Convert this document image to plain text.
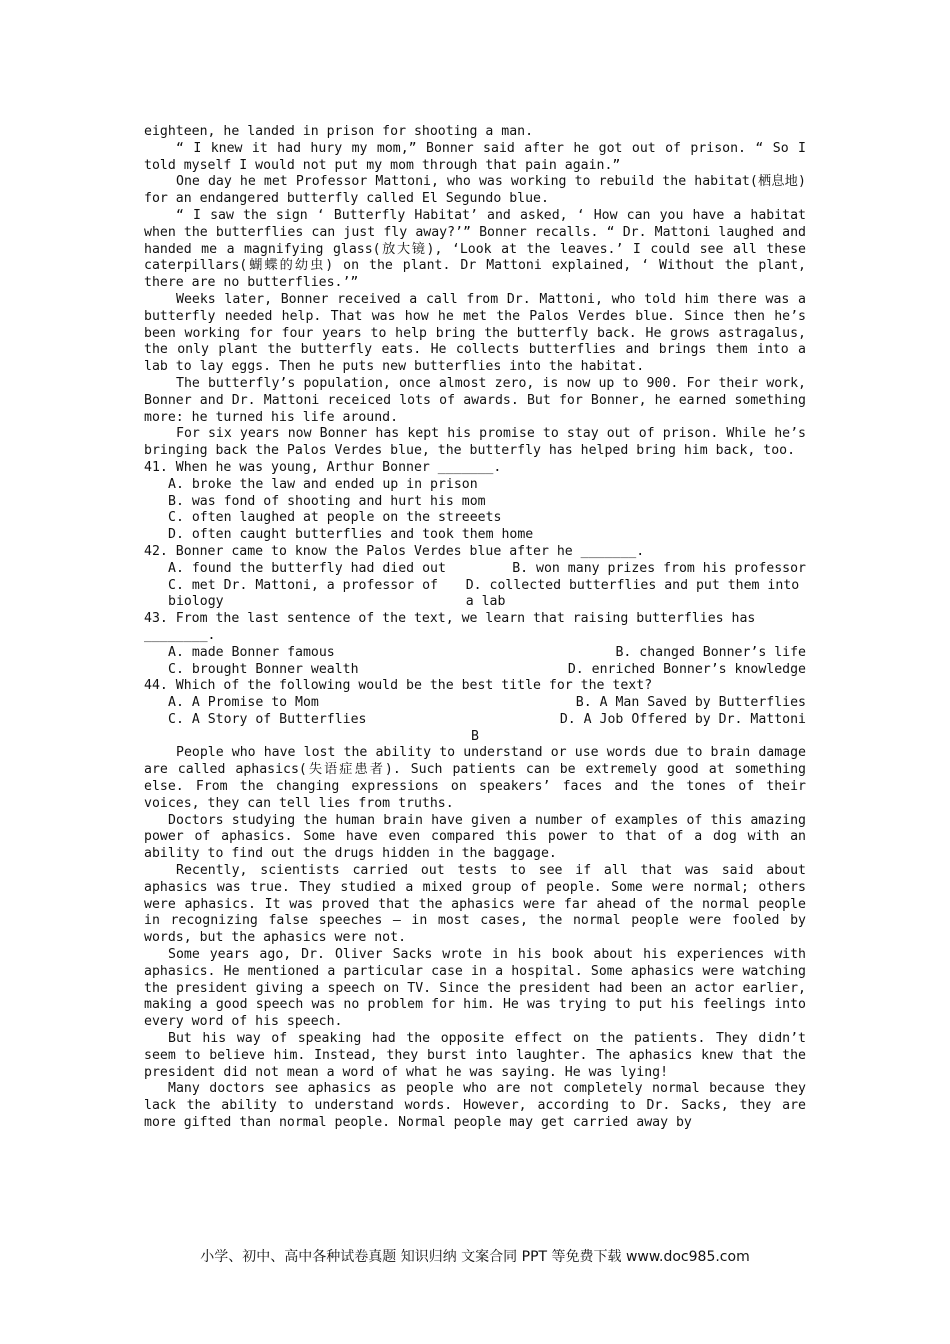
eighteen, he landed in prison for shooting a man.

“ I knew it had hury my mom,” Bonner said after he got out of prison. “ So I told myself I would not put my mom through that pain again.”

One day he met Professor Mattoni, who was working to rebuild the habitat(栖息地) for an endangered butterfly called El Segundo blue.

“ I saw the sign ‘ Butterfly Habitat’ and asked, ‘ How can you have a habitat when the butterflies can just fly away?’” Bonner recalls. “ Dr. Mattoni laughed and handed me a magnifying glass(放大镜), ‘Look at the leaves.’ I could see all these caterpillars(蝴蝶的幼虫) on the plant. Dr Mattoni explained, ‘ Without the plant, there are no butterflies.’”

Weeks later, Bonner received a call from Dr. Mattoni, who told him there was a butterfly needed help. That was how he met the Palos Verdes blue. Since then he’s been working for four years to help bring the butterfly back. He grows astragalus, the only plant the butterfly eats. He collects butterflies and brings them into a lab to lay eggs. Then he puts new butterflies into the habitat.

The butterfly’s population, once almost zero, is now up to 900. For their work, Bonner and Dr. Mattoni receiced lots of awards. But for Bonner, he earned something more: he turned his life around.

For six years now Bonner has kept his promise to stay out of prison. While he’s bringing back the Palos Verdes blue, the butterfly has helped bring him back, too.

41. When he was young, Arthur Bonner _______.

A. broke the law and ended up in prison

B. was fond of shooting and hurt his mom

C. often laughed at people on the streeets

D. often caught butterflies and took them home

42. Bonner came to know the Palos Verdes blue after he _______.

A. found the butterfly had died out	B. won many prizes from his professor
C. met Dr. Mattoni, a professor of biology
D. collected butterflies and put them into a lab

43. From the last sentence of the text, we learn that raising butterflies has ________.

A. made Bonner famous	B. changed Bonner’s life
C. brought Bonner wealth	D. enriched Bonner’s knowledge

44. Which of the following would be the best title for the text?

A. A Promise to Mom	B. A Man Saved by Butterflies
C. A Story of Butterflies	D. A Job Offered by Dr. Mattoni

B

People who have lost the ability to understand or use words due to brain damage are called aphasics(失语症患者). Such patients can be extremely good at something else. From the changing expressions on speakers’ faces and the tones of their voices, they can tell lies from truths.

Doctors studying the human brain have given a number of examples of this amazing power of aphasics. Some have even compared this power to that of a dog with an ability to find out the drugs hidden in the baggage.

Recently, scientists carried out tests to see if all that was said about aphasics was true. They studied a mixed group of people. Some were normal; others were aphasics. It was proved that the aphasics were far ahead of the normal people in recognizing false speeches — in most cases, the normal people were fooled by words, but the aphasics were not.

Some years ago, Dr. Oliver Sacks wrote in his book about his experiences with aphasics. He mentioned a particular case in a hospital. Some aphasics were watching the president giving a speech on TV. Since the president had been an actor earlier, making a good speech was no problem for him. He was trying to put his feelings into every word of his speech.

But his way of speaking had the opposite effect on the patients. They didn’t seem to believe him. Instead, they burst into laughter. The aphasics knew that the president did not mean a word of what he was saying. He was lying!

Many doctors see aphasics as people who are not completely normal because they lack the ability to understand words. However, according to Dr. Sacks, they are more gifted than normal people. Normal people may get carried away by

小学、初中、高中各种试卷真题 知识归纳 文案合同 PPT 等免费下载 www.doc985.com
